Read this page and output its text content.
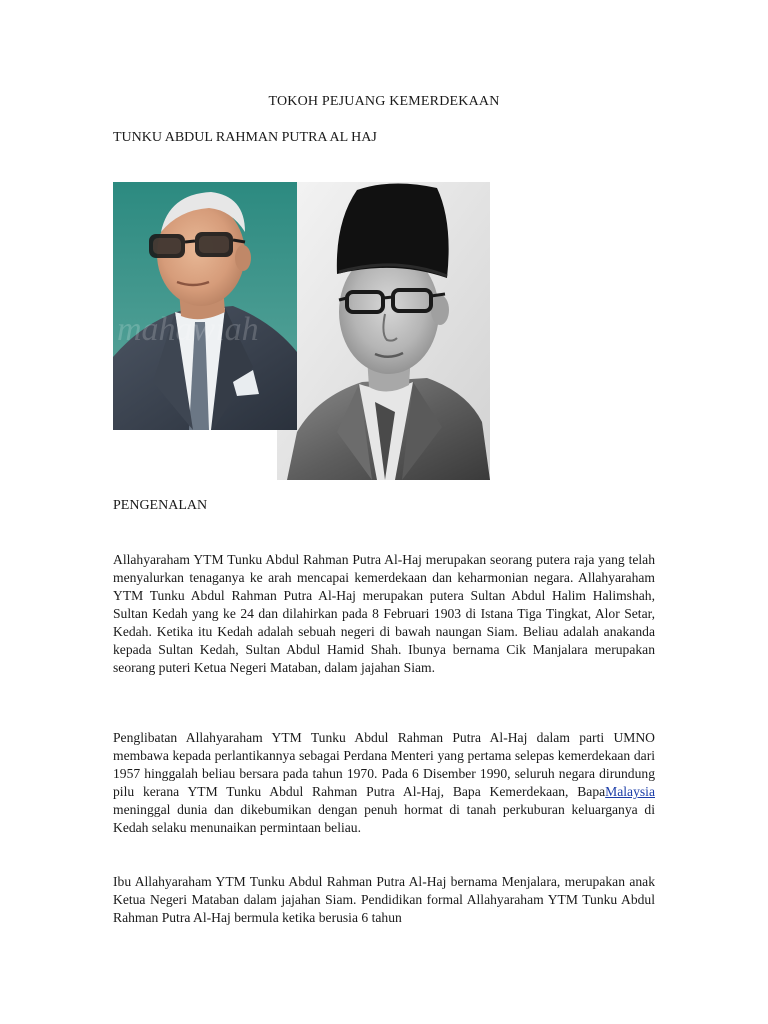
TOKOH PEJUANG KEMERDEKAAN
TUNKU ABDUL RAHMAN PUTRA AL HAJ
mahawiah
PENGENALAN

Allahyaraham YTM Tunku Abdul Rahman Putra Al-Haj merupakan seorang putera raja yang telah menyalurkan tenaganya ke arah mencapai kemerdekaan dan keharmonian negara. Allahyaraham YTM Tunku Abdul Rahman Putra Al-Haj merupakan putera Sultan Abdul Halim Halimshah, Sultan Kedah yang ke 24 dan dilahirkan pada 8 Februari 1903 di Istana Tiga Tingkat, Alor Setar, Kedah. Ketika itu Kedah adalah sebuah negeri di bawah naungan Siam. Beliau adalah anakanda kepada Sultan Kedah, Sultan Abdul Hamid Shah. Ibunya bernama Cik Manjalara merupakan seorang puteri Ketua Negeri Mataban, dalam jajahan Siam.

Penglibatan Allahyaraham YTM Tunku Abdul Rahman Putra Al-Haj dalam parti UMNO membawa kepada perlantikannya sebagai Perdana Menteri yang pertama selepas kemerdekaan dari 1957 hinggalah beliau bersara pada tahun 1970. Pada 6 Disember 1990, seluruh negara dirundung pilu kerana YTM Tunku Abdul Rahman Putra Al-Haj, Bapa Kemerdekaan, BapaMalaysia meninggal dunia dan dikebumikan dengan penuh hormat di tanah perkuburan keluarganya di Kedah selaku menunaikan permintaan beliau.

Ibu Allahyaraham YTM Tunku Abdul Rahman Putra Al-Haj bernama Menjalara, merupakan anak Ketua Negeri Mataban dalam jajahan Siam. Pendidikan formal Allahyaraham YTM Tunku Abdul Rahman Putra Al-Haj bermula ketika berusia 6 tahun
